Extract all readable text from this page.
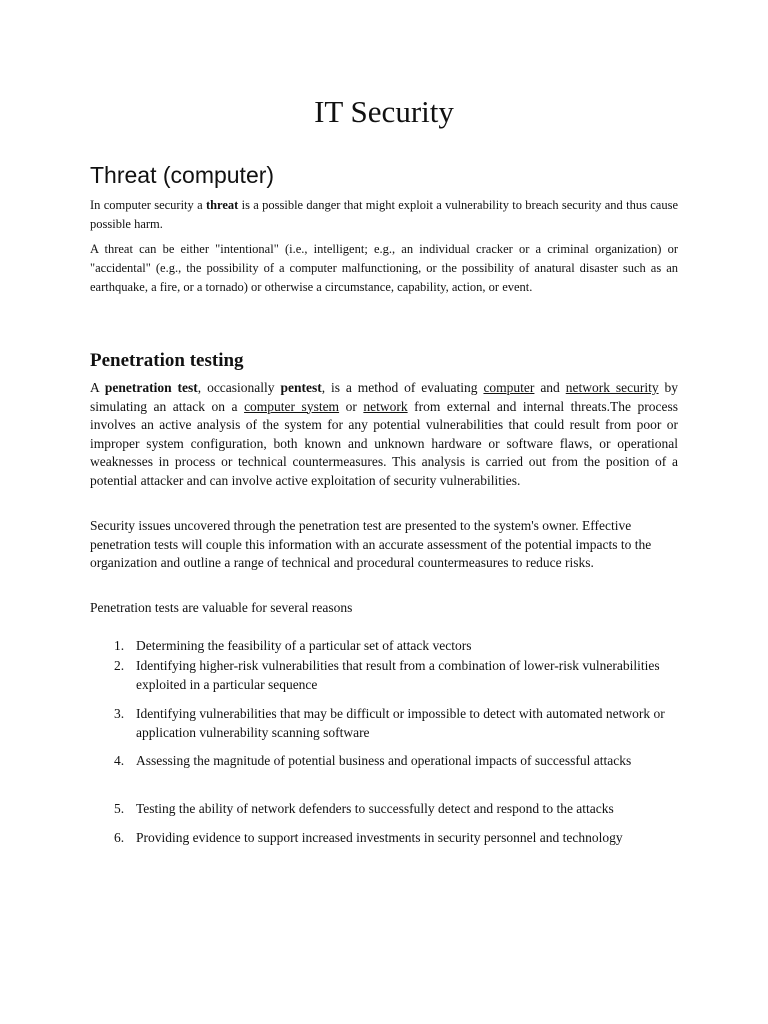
IT Security
Threat (computer)

In computer security a threat is a possible danger that might exploit a vulnerability to breach security and thus cause possible harm.

A threat can be either "intentional" (i.e., intelligent; e.g., an individual cracker or a criminal organization) or "accidental" (e.g., the possibility of a computer malfunctioning, or the possibility of anatural disaster such as an earthquake, a fire, or a tornado) or otherwise a circumstance, capability, action, or event.

Penetration testing

A penetration test, occasionally pentest, is a method of evaluating computer and network security by simulating an attack on a computer system or network from external and internal threats.The process involves an active analysis of the system for any potential vulnerabilities that could result from poor or improper system configuration, both known and unknown hardware or software flaws, or operational weaknesses in process or technical countermeasures. This analysis is carried out from the position of a potential attacker and can involve active exploitation of security vulnerabilities.

Security issues uncovered through the penetration test are presented to the system's owner. Effective penetration tests will couple this information with an accurate assessment of the potential impacts to the organization and outline a range of technical and procedural countermeasures to reduce risks.

Penetration tests are valuable for several reasons

1. Determining the feasibility of a particular set of attack vectors
2. Identifying higher-risk vulnerabilities that result from a combination of lower-risk vulnerabilities exploited in a particular sequence
3. Identifying vulnerabilities that may be difficult or impossible to detect with automated network or application vulnerability scanning software
4. Assessing the magnitude of potential business and operational impacts of successful attacks
5. Testing the ability of network defenders to successfully detect and respond to the attacks
6. Providing evidence to support increased investments in security personnel and technology
